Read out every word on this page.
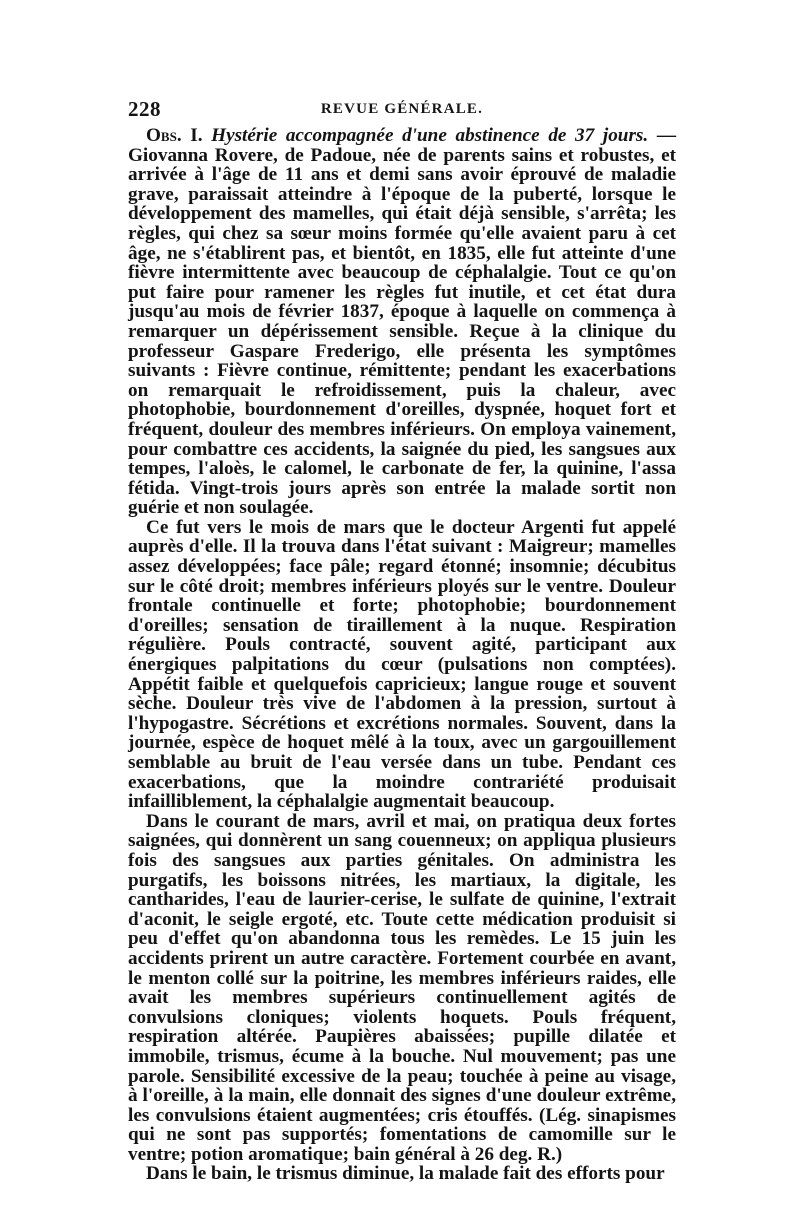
228	REVUE GÉNÉRALE.

Obs. I. Hystérie accompagnée d'une abstinence de 37 jours. —Giovanna Rovere, de Padoue, née de parents sains et robustes, et arrivée à l'âge de 11 ans et demi sans avoir éprouvé de maladie grave, paraissait atteindre à l'époque de la puberté, lorsque le développement des mamelles, qui était déjà sensible, s'arrêta; les règles, qui chez sa sœur moins formée qu'elle avaient paru à cet âge, ne s'établirent pas, et bientôt, en 1835, elle fut atteinte d'une fièvre intermittente avec beaucoup de céphalalgie. Tout ce qu'on put faire pour ramener les règles fut inutile, et cet état dura jusqu'au mois de février 1837, époque à laquelle on commença à remarquer un dépérissement sensible. Reçue à la clinique du professeur Gaspare Frederigo, elle présenta les symptômes suivants : Fièvre continue, rémittente; pendant les exacerbations on remarquait le refroidissement, puis la chaleur, avec photophobie, bourdonnement d'oreilles, dyspnée, hoquet fort et fréquent, douleur des membres inférieurs. On employa vainement, pour combattre ces accidents, la saignée du pied, les sangsues aux tempes, l'aloès, le calomel, le carbonate de fer, la quinine, l'assa fétida. Vingt-trois jours après son entrée la malade sortit non guérie et non soulagée.

Ce fut vers le mois de mars que le docteur Argenti fut appelé auprès d'elle. Il la trouva dans l'état suivant : Maigreur; mamelles assez développées; face pâle; regard étonné; insomnie; décubitus sur le côté droit; membres inférieurs ployés sur le ventre. Douleur frontale continuelle et forte; photophobie; bourdonnement d'oreilles; sensation de tiraillement à la nuque. Respiration régulière. Pouls contracté, souvent agité, participant aux énergiques palpitations du cœur (pulsations non comptées). Appétit faible et quelquefois capricieux; langue rouge et souvent sèche. Douleur très vive de l'abdomen à la pression, surtout à l'hypogastre. Sécrétions et excrétions normales. Souvent, dans la journée, espèce de hoquet mêlé à la toux, avec un gargouillement semblable au bruit de l'eau versée dans un tube. Pendant ces exacerbations, que la moindre contrariété produisait infailliblement, la céphalalgie augmentait beaucoup.

Dans le courant de mars, avril et mai, on pratiqua deux fortes saignées, qui donnèrent un sang couenneux; on appliqua plusieurs fois des sangsues aux parties génitales. On administra les purgatifs, les boissons nitrées, les martiaux, la digitale, les cantharides, l'eau de laurier-cerise, le sulfate de quinine, l'extrait d'aconit, le seigle ergoté, etc. Toute cette médication produisit si peu d'effet qu'on abandonna tous les remèdes. Le 15 juin les accidents prirent un autre caractère. Fortement courbée en avant, le menton collé sur la poitrine, les membres inférieurs raides, elle avait les membres supérieurs continuellement agités de convulsions cloniques; violents hoquets. Pouls fréquent, respiration altérée. Paupières abaissées; pupille dilatée et immobile, trismus, écume à la bouche. Nul mouvement; pas une parole. Sensibilité excessive de la peau; touchée à peine au visage, à l'oreille, à la main, elle donnait des signes d'une douleur extrême, les convulsions étaient augmentées; cris étouffés. (Lég. sinapismes qui ne sont pas supportés; fomentations de camomille sur le ventre; potion aromatique; bain général à 26 deg. R.)

Dans le bain, le trismus diminue, la malade fait des efforts pour
